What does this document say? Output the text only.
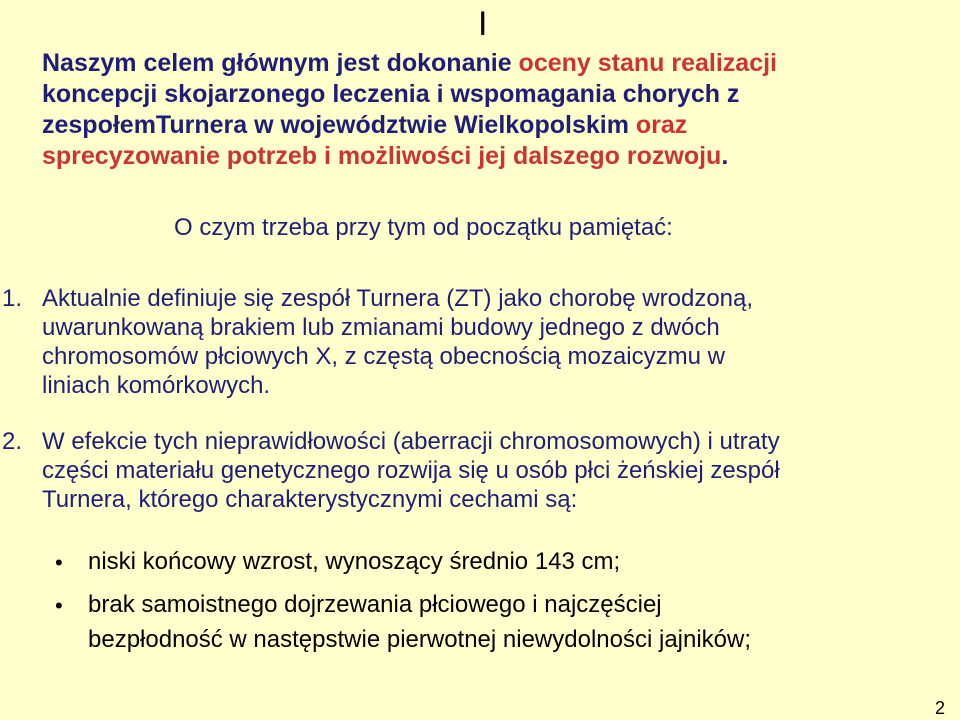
I
Naszym celem głównym jest dokonanie oceny stanu realizacji
koncepcji skojarzonego leczenia i wspomagania chorych z
zespołemTurnera w województwie Wielkopolskim oraz
sprecyzowanie potrzeb i możliwości jej dalszego rozwoju.
O czym trzeba przy tym od początku pamiętać:
1. Aktualnie definiuje się zespół Turnera (ZT) jako chorobę wrodzoną,
uwarunkowaną brakiem lub zmianami budowy jednego z dwóch
chromosomów płciowych X, z częstą obecnością mozaicyzmu w
liniach komórkowych.
2. W efekcie tych nieprawidłowości (aberracji chromosomowych) i utraty
części materiału genetycznego rozwija się u osób płci żeńskiej zespół
Turnera, którego charakterystycznymi cechami są:
• niski końcowy wzrost, wynoszący średnio 143 cm;
• brak samoistnego dojrzewania płciowego i najczęściej
bezpłodność w następstwie pierwotnej niewydolności jajników;
2
